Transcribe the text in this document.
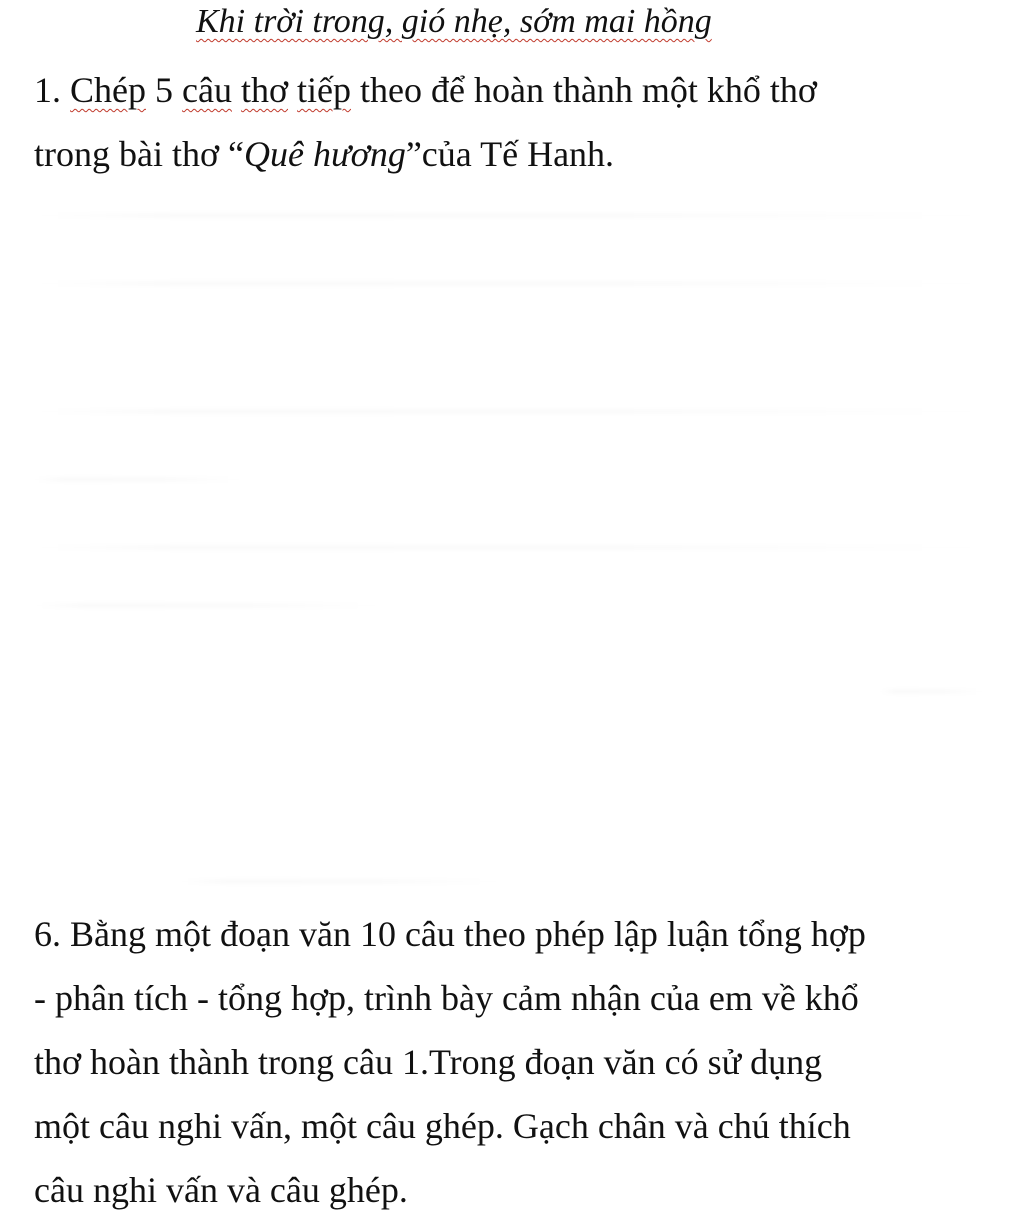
Khi trời trong, gió nhẹ, sớm mai hồng
1. Chép 5 câu thơ tiếp theo để hoàn thành một khổ thơ
trong bài thơ “Quê hương”của Tế Hanh.
6. Bằng một đoạn văn 10 câu theo phép lập luận tổng hợp
- phân tích - tổng hợp, trình bày cảm nhận của em về khổ
thơ hoàn thành trong câu 1.Trong đoạn văn có sử dụng
một câu nghi vấn, một câu ghép. Gạch chân và chú thích
câu nghi vấn và câu ghép.
